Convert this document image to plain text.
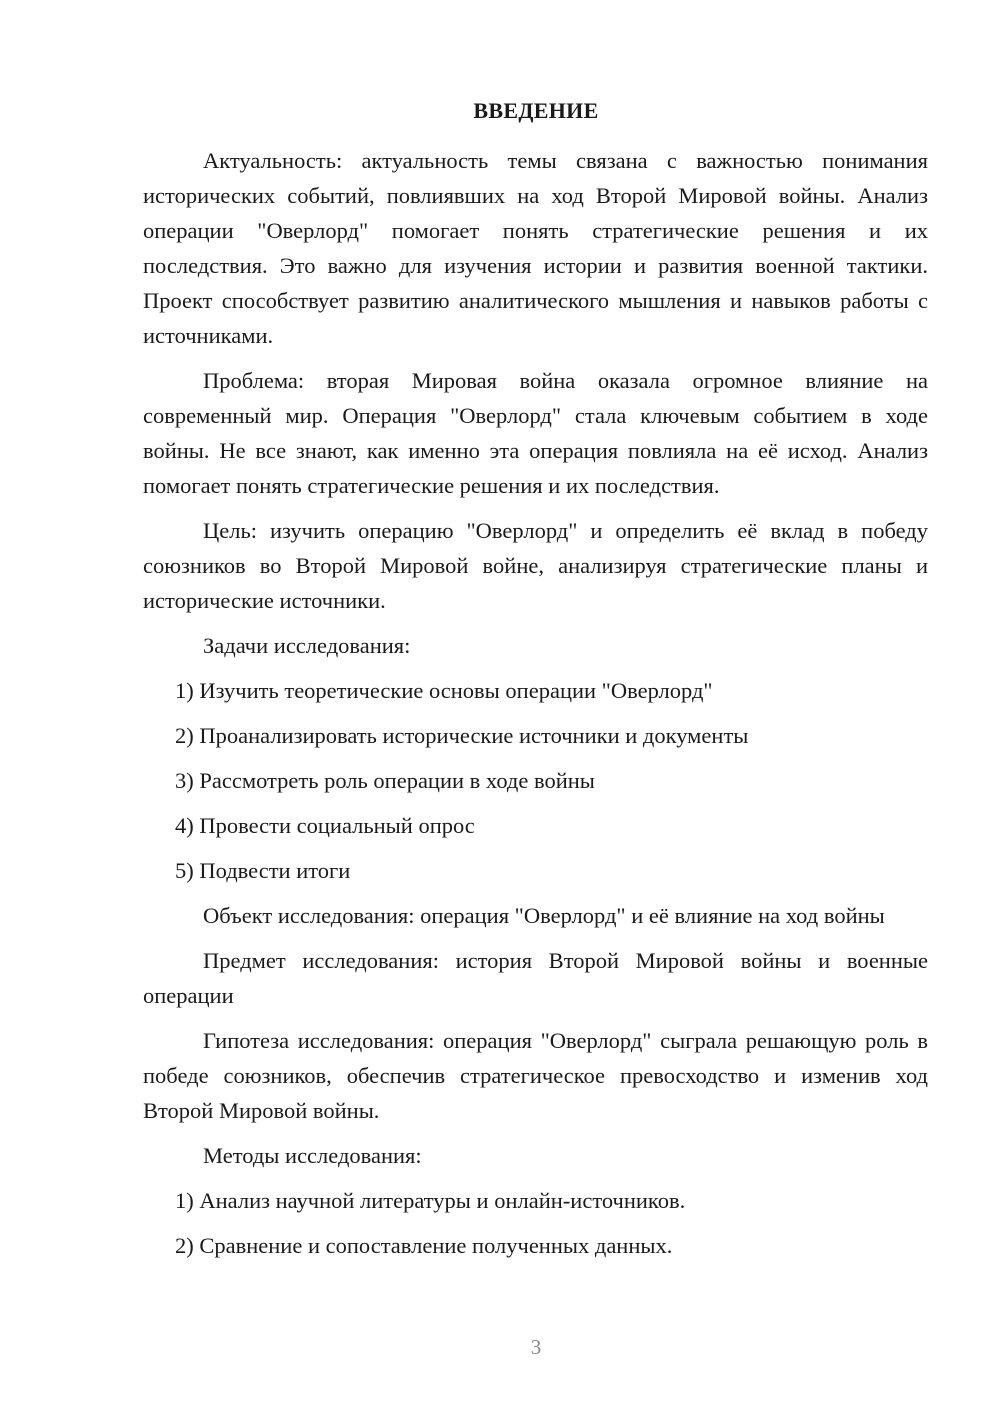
ВВЕДЕНИЕ

Актуальность: актуальность темы связана с важностью понимания исторических событий, повлиявших на ход Второй Мировой войны. Анализ операции "Оверлорд" помогает понять стратегические решения и их последствия. Это важно для изучения истории и развития военной тактики. Проект способствует развитию аналитического мышления и навыков работы с источниками.

Проблема: вторая Мировая война оказала огромное влияние на современный мир. Операция "Оверлорд" стала ключевым событием в ходе войны. Не все знают, как именно эта операция повлияла на её исход. Анализ помогает понять стратегические решения и их последствия.

Цель: изучить операцию "Оверлорд" и определить её вклад в победу союзников во Второй Мировой войне, анализируя стратегические планы и исторические источники.

Задачи исследования:

1) Изучить теоретические основы операции "Оверлорд"
2) Проанализировать исторические источники и документы
3) Рассмотреть роль операции в ходе войны
4) Провести социальный опрос
5) Подвести итоги

Объект исследования: операция "Оверлорд" и её влияние на ход войны

Предмет исследования: история Второй Мировой войны и военные операции

Гипотеза исследования: операция "Оверлорд" сыграла решающую роль в победе союзников, обеспечив стратегическое превосходство и изменив ход Второй Мировой войны.

Методы исследования:

1) Анализ научной литературы и онлайн-источников.
2) Сравнение и сопоставление полученных данных.
3
